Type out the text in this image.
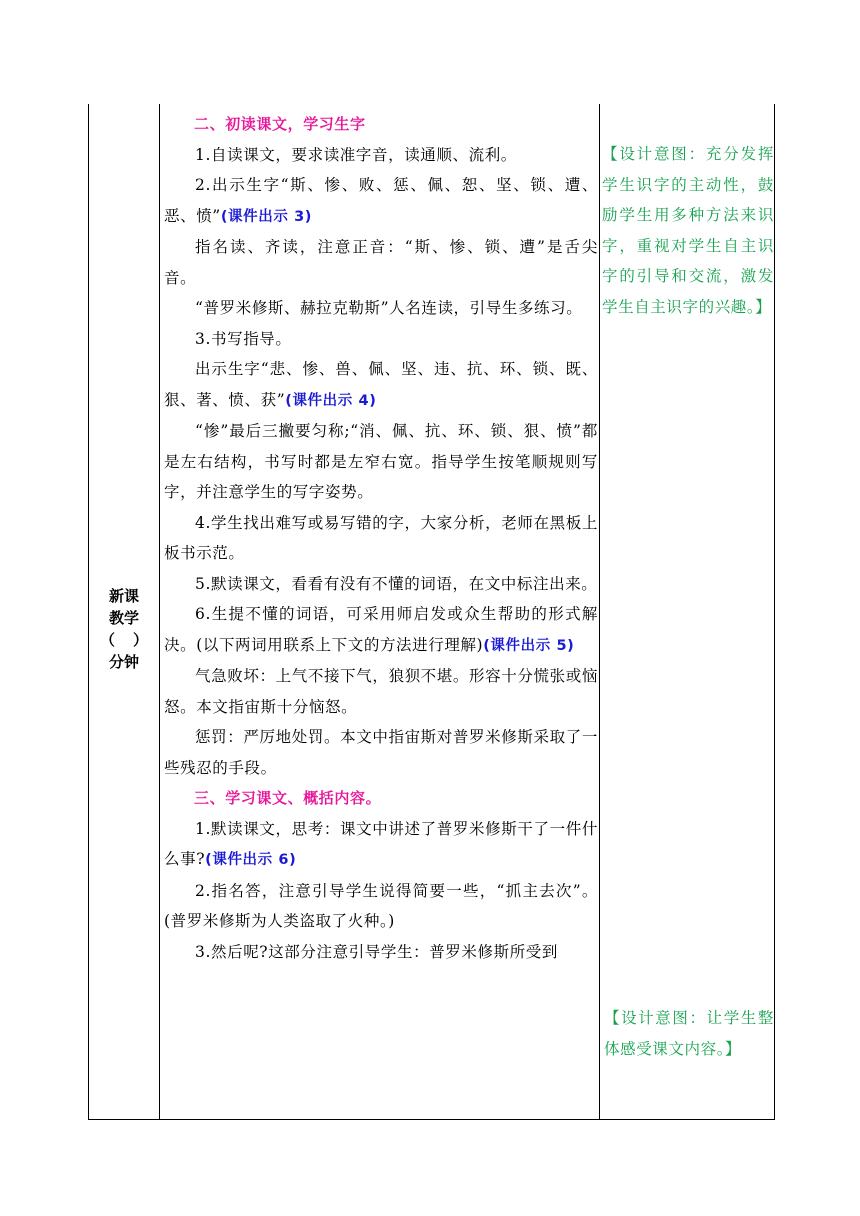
新课
教学
（ ）
分钟

二、初读课文，学习生字

1.自读课文，要求读准字音，读通顺、流利。

2.出示生字“斯、惨、败、惩、佩、恕、坚、锁、遭、恶、愤”(课件出示 3)

指名读、齐读，注意正音：“斯、惨、锁、遭”是舌尖音。

“普罗米修斯、赫拉克勒斯”人名连读，引导生多练习。

3.书写指导。

出示生字“悲、惨、兽、佩、坚、违、抗、环、锁、既、狠、著、愤、获”(课件出示 4)

“惨”最后三撇要匀称;“消、佩、抗、环、锁、狠、愤”都是左右结构，书写时都是左窄右宽。指导学生按笔顺规则写字，并注意学生的写字姿势。

4.学生找出难写或易写错的字，大家分析，老师在黑板上板书示范。

5.默读课文，看看有没有不懂的词语，在文中标注出来。

6.生提不懂的词语，可采用师启发或众生帮助的形式解决。(以下两词用联系上下文的方法进行理解)(课件出示 5)

气急败坏：上气不接下气，狼狈不堪。形容十分慌张或恼怒。本文指宙斯十分恼怒。

惩罚：严厉地处罚。本文中指宙斯对普罗米修斯采取了一些残忍的手段。

三、学习课文、概括内容。

1.默读课文，思考：课文中讲述了普罗米修斯干了一件什么事?(课件出示 6)

2.指名答，注意引导学生说得简要一些，“抓主去次”。(普罗米修斯为人类盗取了火种。)

3.然后呢?这部分注意引导学生：普罗米修斯所受到

【设计意图：充分发挥学生识字的主动性，鼓励学生用多种方法来识字，重视对学生自主识字的引导和交流，激发学生自主识字的兴趣。】

【设计意图：让学生整体感受课文内容。】
